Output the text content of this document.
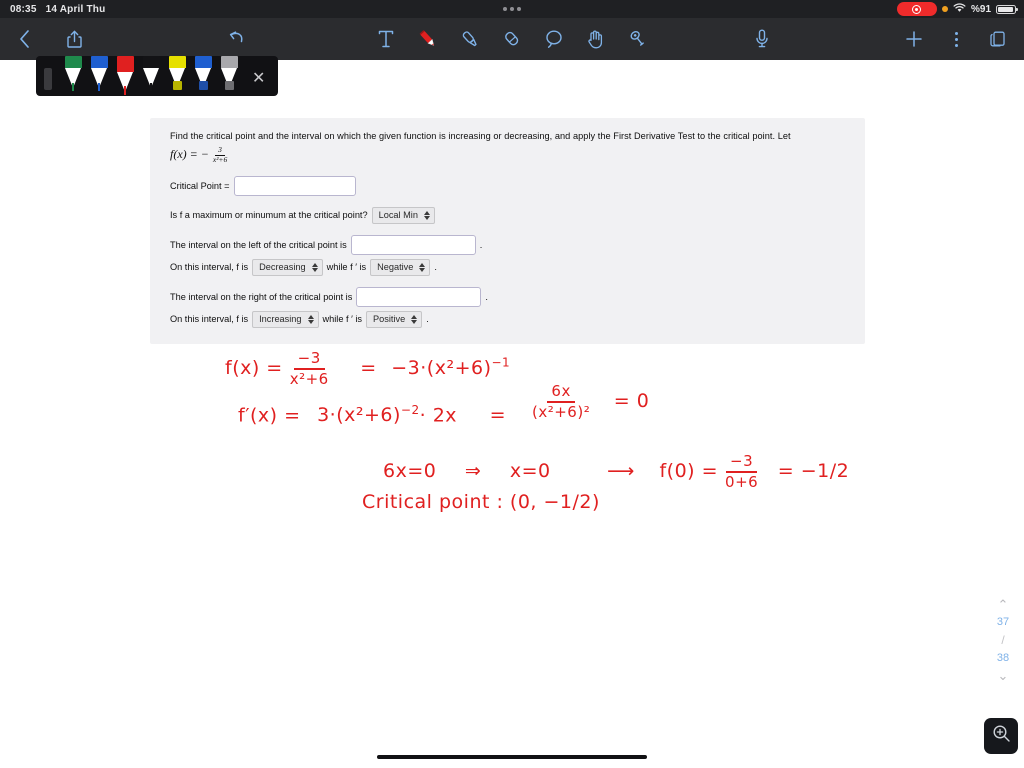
08:35 14 April Thu	%91
✕
Find the critical point and the interval on which the given function is increasing or decreasing, and apply the First Derivative Test to the critical point. Let
f(x) = − $\frac{3}{\text{x²+6}}$
Critical Point =
Is f a maximum or minumum at the critical point? Local Min
The interval on the left of the critical point is	.
On this interval, f is Decreasing while f ′ is Negative .
The interval on the right of the critical point is	.
On this interval, f is Increasing while f ′ is Positive .
$f(x) = \frac{-3}{\text{x²+6}} = -3\cdot(x^2+6)^{-1}$
$f'(x) = 3\cdot(x^2+6)^{-2}\cdot 2x = \frac{6x}{\text{(x²+6)²}} = 0$
6x=0 ⇒ x=0	⟶ $f(0) = \frac{-3}{0+6} = -1/2$
Critical point : (0, −1/2)
⌃
37
/
38
⌄
